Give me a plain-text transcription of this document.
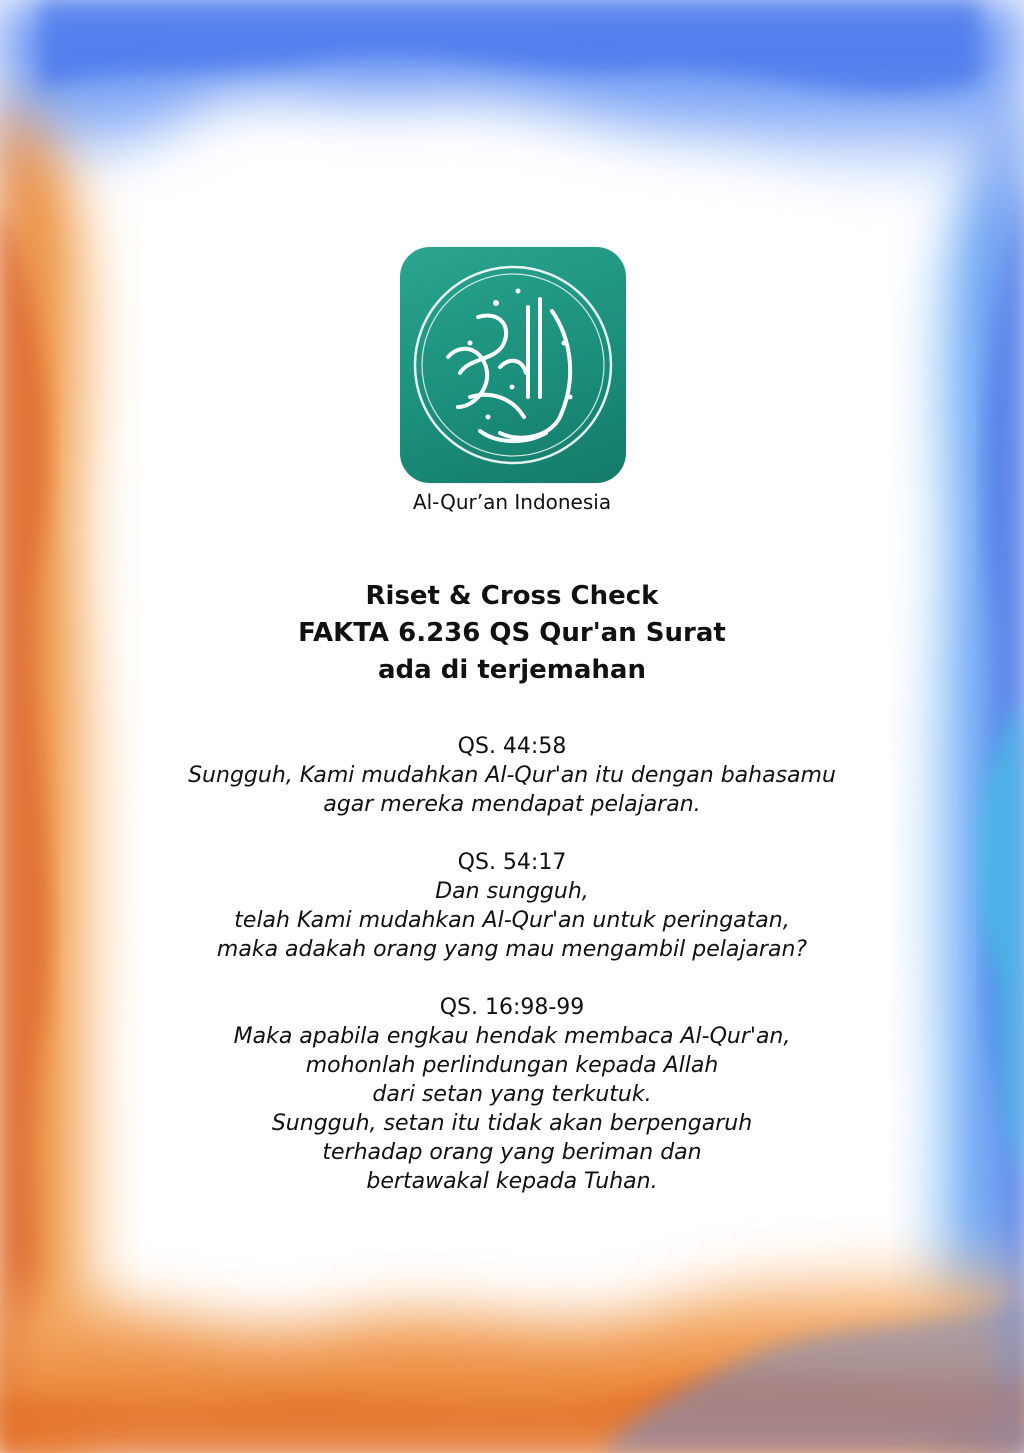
Al-Qur’an Indonesia
Riset & Cross Check
FAKTA 6.236 QS Qur'an Surat
ada di terjemahan
QS. 44:58
Sungguh, Kami mudahkan Al-Qur'an itu dengan bahasamu
agar mereka mendapat pelajaran.
QS. 54:17
Dan sungguh,
telah Kami mudahkan Al-Qur'an untuk peringatan,
maka adakah orang yang mau mengambil pelajaran?
QS. 16:98-99
Maka apabila engkau hendak membaca Al-Qur'an,
mohonlah perlindungan kepada Allah
dari setan yang terkutuk.
Sungguh, setan itu tidak akan berpengaruh
terhadap orang yang beriman dan
bertawakal kepada Tuhan.
